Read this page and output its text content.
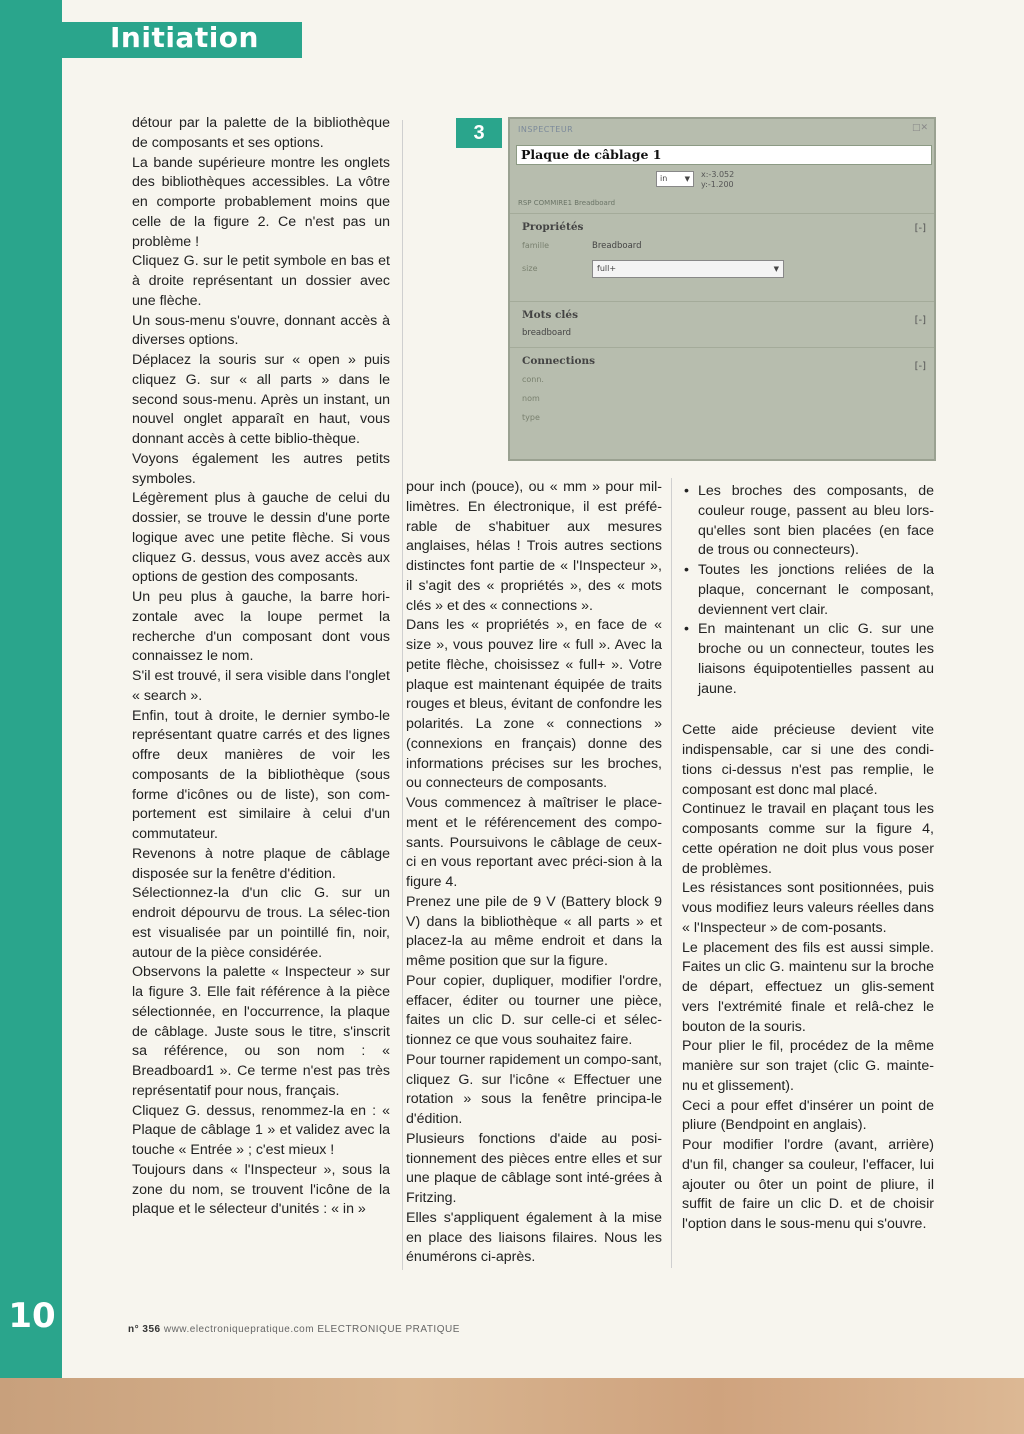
Initiation

détour par la palette de la bibliothèque de composants et ses options.

La bande supérieure montre les onglets des bibliothèques accessibles. La vôtre en comporte probablement moins que celle de la figure 2. Ce n'est pas un problème !

Cliquez G. sur le petit symbole en bas et à droite représentant un dossier avec une flèche.

Un sous-menu s'ouvre, donnant accès à diverses options.

Déplacez la souris sur « open » puis cliquez G. sur « all parts » dans le second sous-menu. Après un instant, un nouvel onglet apparaît en haut, vous donnant accès à cette biblio-thèque.

Voyons également les autres petits symboles.

Légèrement plus à gauche de celui du dossier, se trouve le dessin d'une porte logique avec une petite flèche. Si vous cliquez G. dessus, vous avez accès aux options de gestion des composants.

Un peu plus à gauche, la barre hori-zontale avec la loupe permet la recherche d'un composant dont vous connaissez le nom.

S'il est trouvé, il sera visible dans l'onglet « search ».

Enfin, tout à droite, le dernier symbo-le représentant quatre carrés et des lignes offre deux manières de voir les composants de la bibliothèque (sous forme d'icônes ou de liste), son com-portement est similaire à celui d'un commutateur.

Revenons à notre plaque de câblage disposée sur la fenêtre d'édition.

Sélectionnez-la d'un clic G. sur un endroit dépourvu de trous. La sélec-tion est visualisée par un pointillé fin, noir, autour de la pièce considérée.

Observons la palette « Inspecteur » sur la figure 3. Elle fait référence à la pièce sélectionnée, en l'occurrence, la plaque de câblage. Juste sous le titre, s'inscrit sa référence, ou son nom : « Breadboard1 ». Ce terme n'est pas très représentatif pour nous, français.

Cliquez G. dessus, renommez-la en : « Plaque de câblage 1 » et validez avec la touche « Entrée » ; c'est mieux !

Toujours dans « l'Inspecteur », sous la zone du nom, se trouvent l'icône de la plaque et le sélecteur d'unités : « in »

3	INSPECTEUR	□✕
Plaque de câblage 1
in ▼ x:-3.052
y:-1.200
RSP COMMIRE1 Breadboard
Propriétés	[-]
famille	Breadboard
size	full+	▼
Mots clés	[-]
breadboard
Connections	[-]
conn.
nom
type

pour inch (pouce), ou « mm » pour mil-limètres. En électronique, il est préfé-rable de s'habituer aux mesures anglaises, hélas ! Trois autres sections distinctes font partie de « l'Inspecteur », il s'agit des « propriétés », des « mots clés » et des « connections ».

Dans les « propriétés », en face de « size », vous pouvez lire « full ». Avec la petite flèche, choisissez « full+ ». Votre plaque est maintenant équipée de traits rouges et bleus, évitant de confondre les polarités. La zone « connections » (connexions en français) donne des informations précises sur les broches, ou connecteurs de composants.

Vous commencez à maîtriser le place-ment et le référencement des compo-sants. Poursuivons le câblage de ceux-ci en vous reportant avec préci-sion à la figure 4.

Prenez une pile de 9 V (Battery block 9 V) dans la bibliothèque « all parts » et placez-la au même endroit et dans la même position que sur la figure.

Pour copier, dupliquer, modifier l'ordre, effacer, éditer ou tourner une pièce, faites un clic D. sur celle-ci et sélec-tionnez ce que vous souhaitez faire.

Pour tourner rapidement un compo-sant, cliquez G. sur l'icône « Effectuer une rotation » sous la fenêtre principa-le d'édition.

Plusieurs fonctions d'aide au posi-tionnement des pièces entre elles et sur une plaque de câblage sont inté-grées à Fritzing.

Elles s'appliquent également à la mise en place des liaisons filaires. Nous les énumérons ci-après.

• Les broches des composants, de couleur rouge, passent au bleu lors-qu'elles sont bien placées (en face de trous ou connecteurs).
• Toutes les jonctions reliées de la plaque, concernant le composant, deviennent vert clair.
• En maintenant un clic G. sur une broche ou un connecteur, toutes les liaisons équipotentielles passent au jaune.

Cette aide précieuse devient vite indispensable, car si une des condi-tions ci-dessus n'est pas remplie, le composant est donc mal placé.

Continuez le travail en plaçant tous les composants comme sur la figure 4, cette opération ne doit plus vous poser de problèmes.

Les résistances sont positionnées, puis vous modifiez leurs valeurs réelles dans « l'Inspecteur » de com-posants.

Le placement des fils est aussi simple. Faites un clic G. maintenu sur la broche de départ, effectuez un glis-sement vers l'extrémité finale et relâ-chez le bouton de la souris.

Pour plier le fil, procédez de la même manière sur son trajet (clic G. mainte-nu et glissement).

Ceci a pour effet d'insérer un point de pliure (Bendpoint en anglais).

Pour modifier l'ordre (avant, arrière) d'un fil, changer sa couleur, l'effacer, lui ajouter ou ôter un point de pliure, il suffit de faire un clic D. et de choisir l'option dans le sous-menu qui s'ouvre.

10	n° 356 www.electroniquepratique.com ELECTRONIQUE PRATIQUE
